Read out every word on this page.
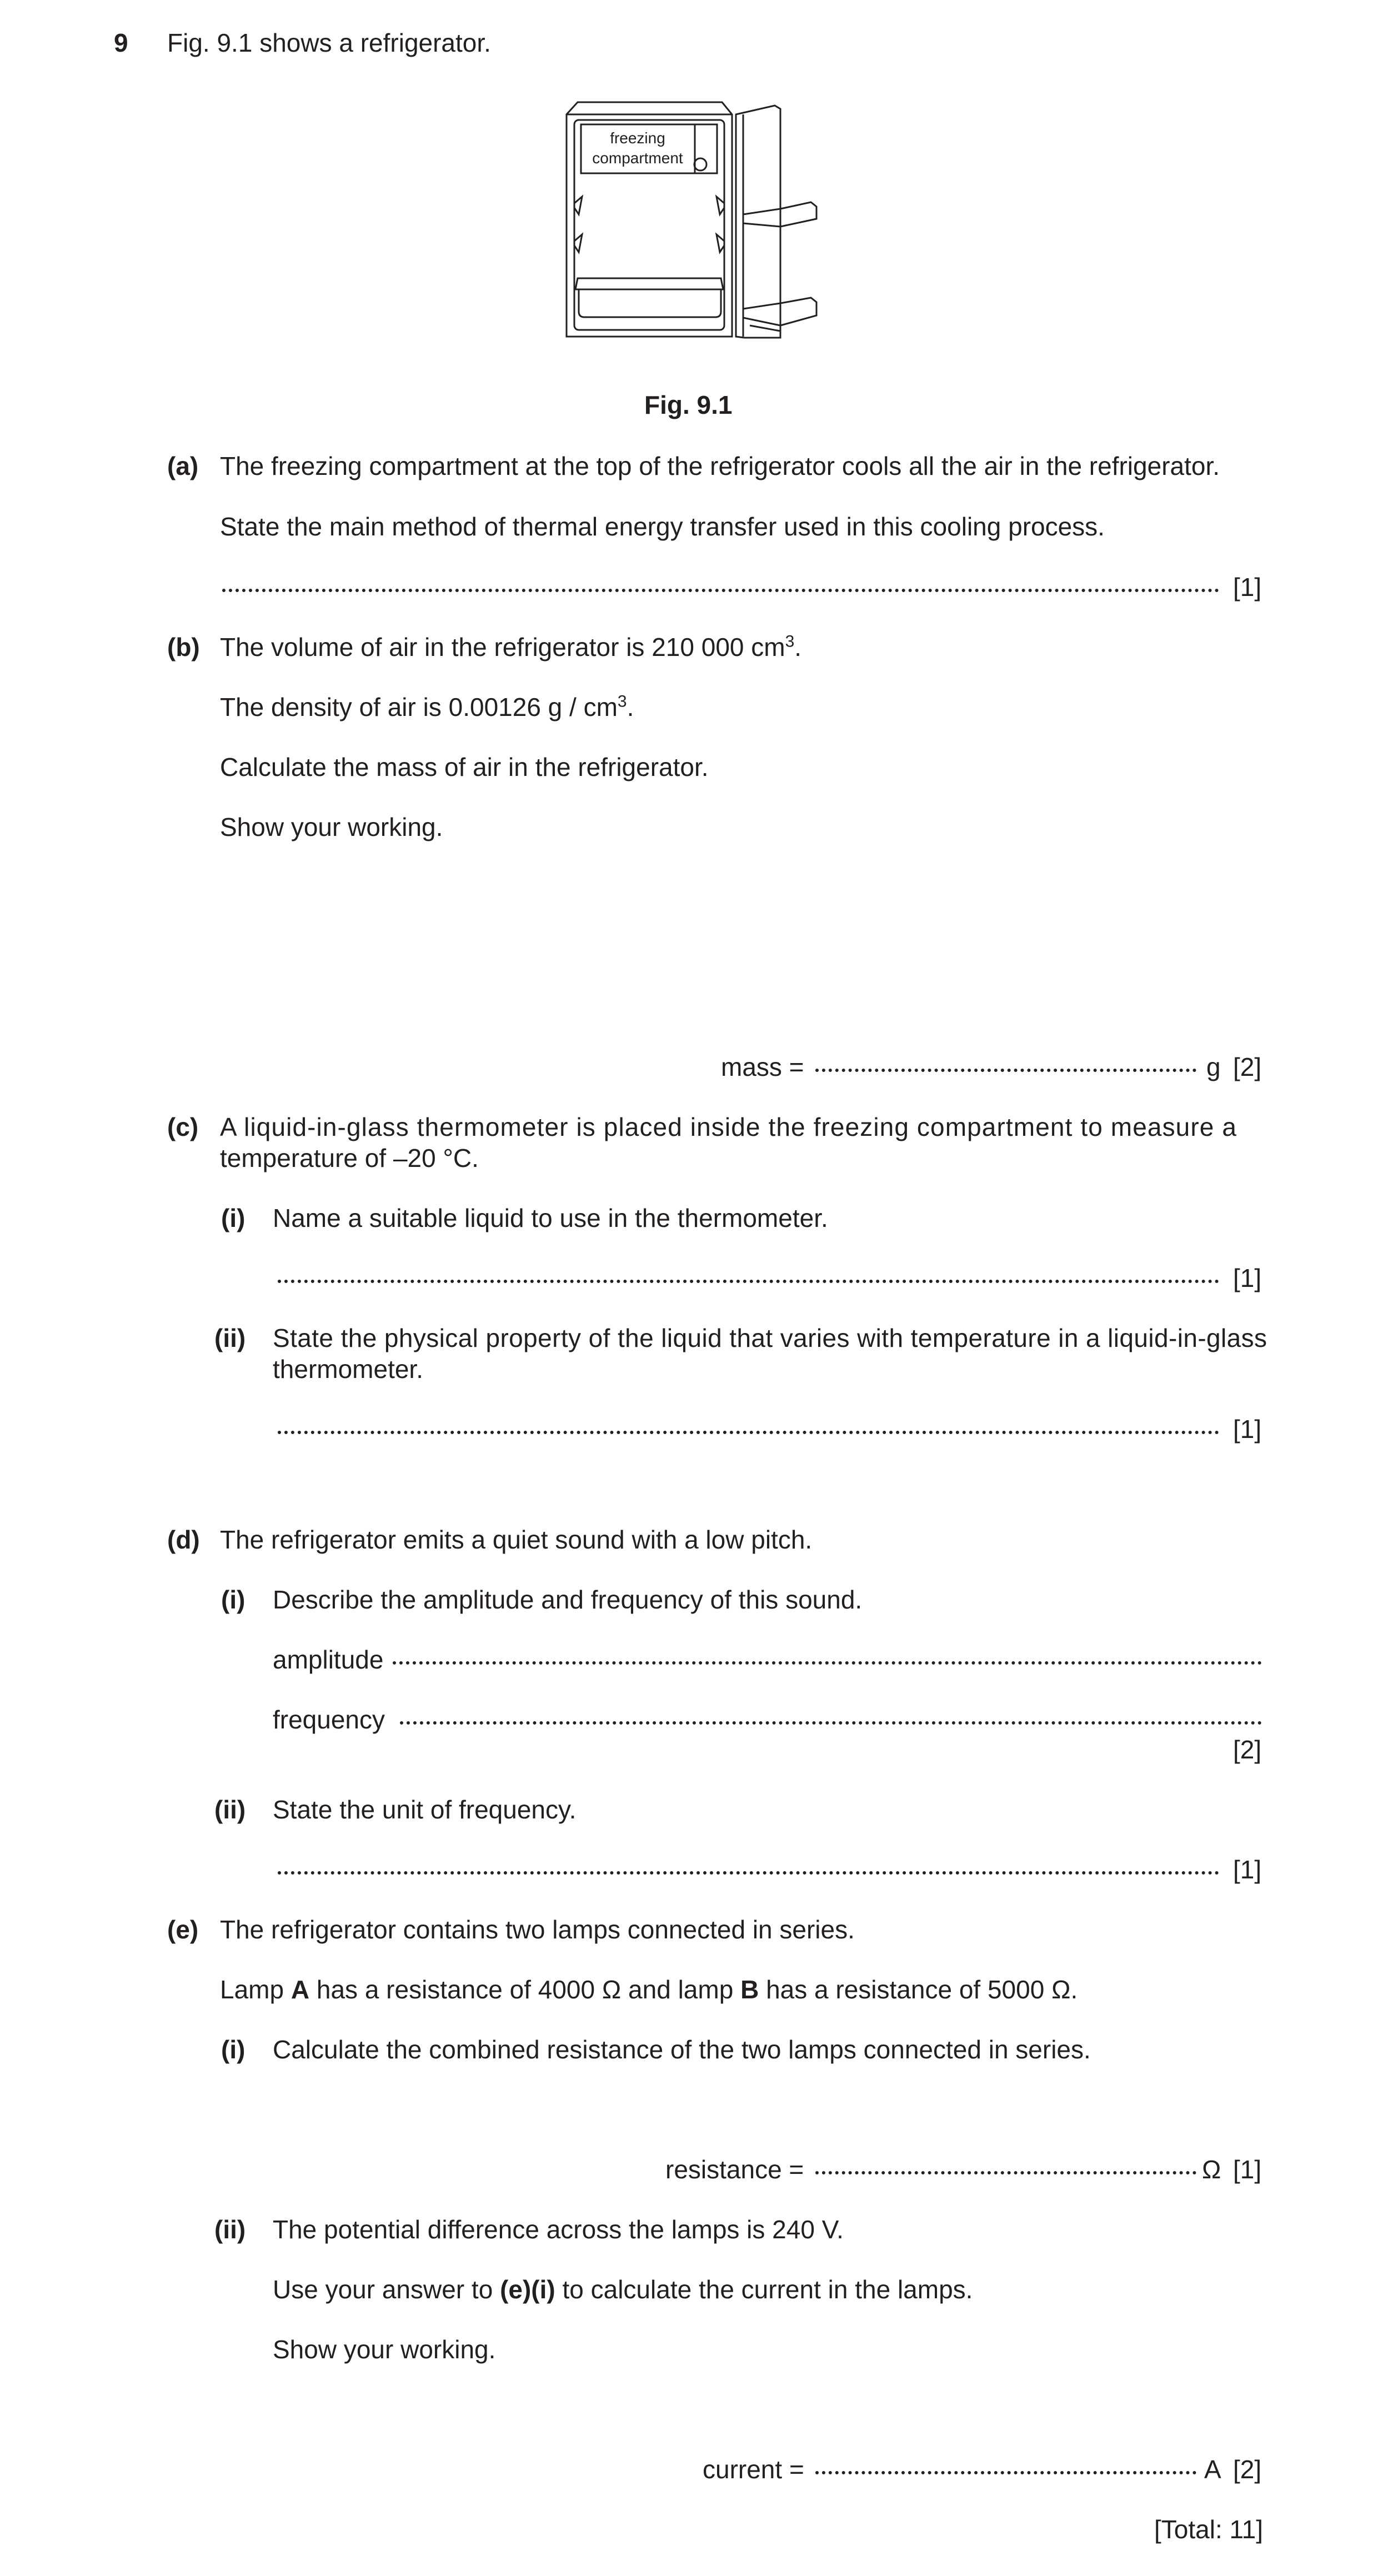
9 Fig. 9.1 shows a refrigerator.
freezing
compartment
Fig. 9.1
(a) The freezing compartment at the top of the refrigerator cools all the air in the refrigerator.
State the main method of thermal energy transfer used in this cooling process.
[1]
(b) The volume of air in the refrigerator is 210 000 $cm^3$.
The density of air is 0.00126 g / $cm^3$.
Calculate the mass of air in the refrigerator.
Show your working.
mass =	g [2]
(c) A liquid-in-glass thermometer is placed inside the freezing compartment to measure a
temperature of –20 °C.
(i) Name a suitable liquid to use in the thermometer.
[1]
(ii) State the physical property of the liquid that varies with temperature in a liquid-in-glass
thermometer.
[1]
(d) The refrigerator emits a quiet sound with a low pitch.
(i) Describe the amplitude and frequency of this sound.
amplitude
frequency
[2]
(ii) State the unit of frequency.
[1]
(e) The refrigerator contains two lamps connected in series.
Lamp A has a resistance of 4000 Ω and lamp B has a resistance of 5000 Ω.
(i) Calculate the combined resistance of the two lamps connected in series.
resistance =	Ω [1]
(ii) The potential difference across the lamps is 240 V.
Use your answer to (e)(i) to calculate the current in the lamps.
Show your working.
current =	A [2]
[Total: 11]
